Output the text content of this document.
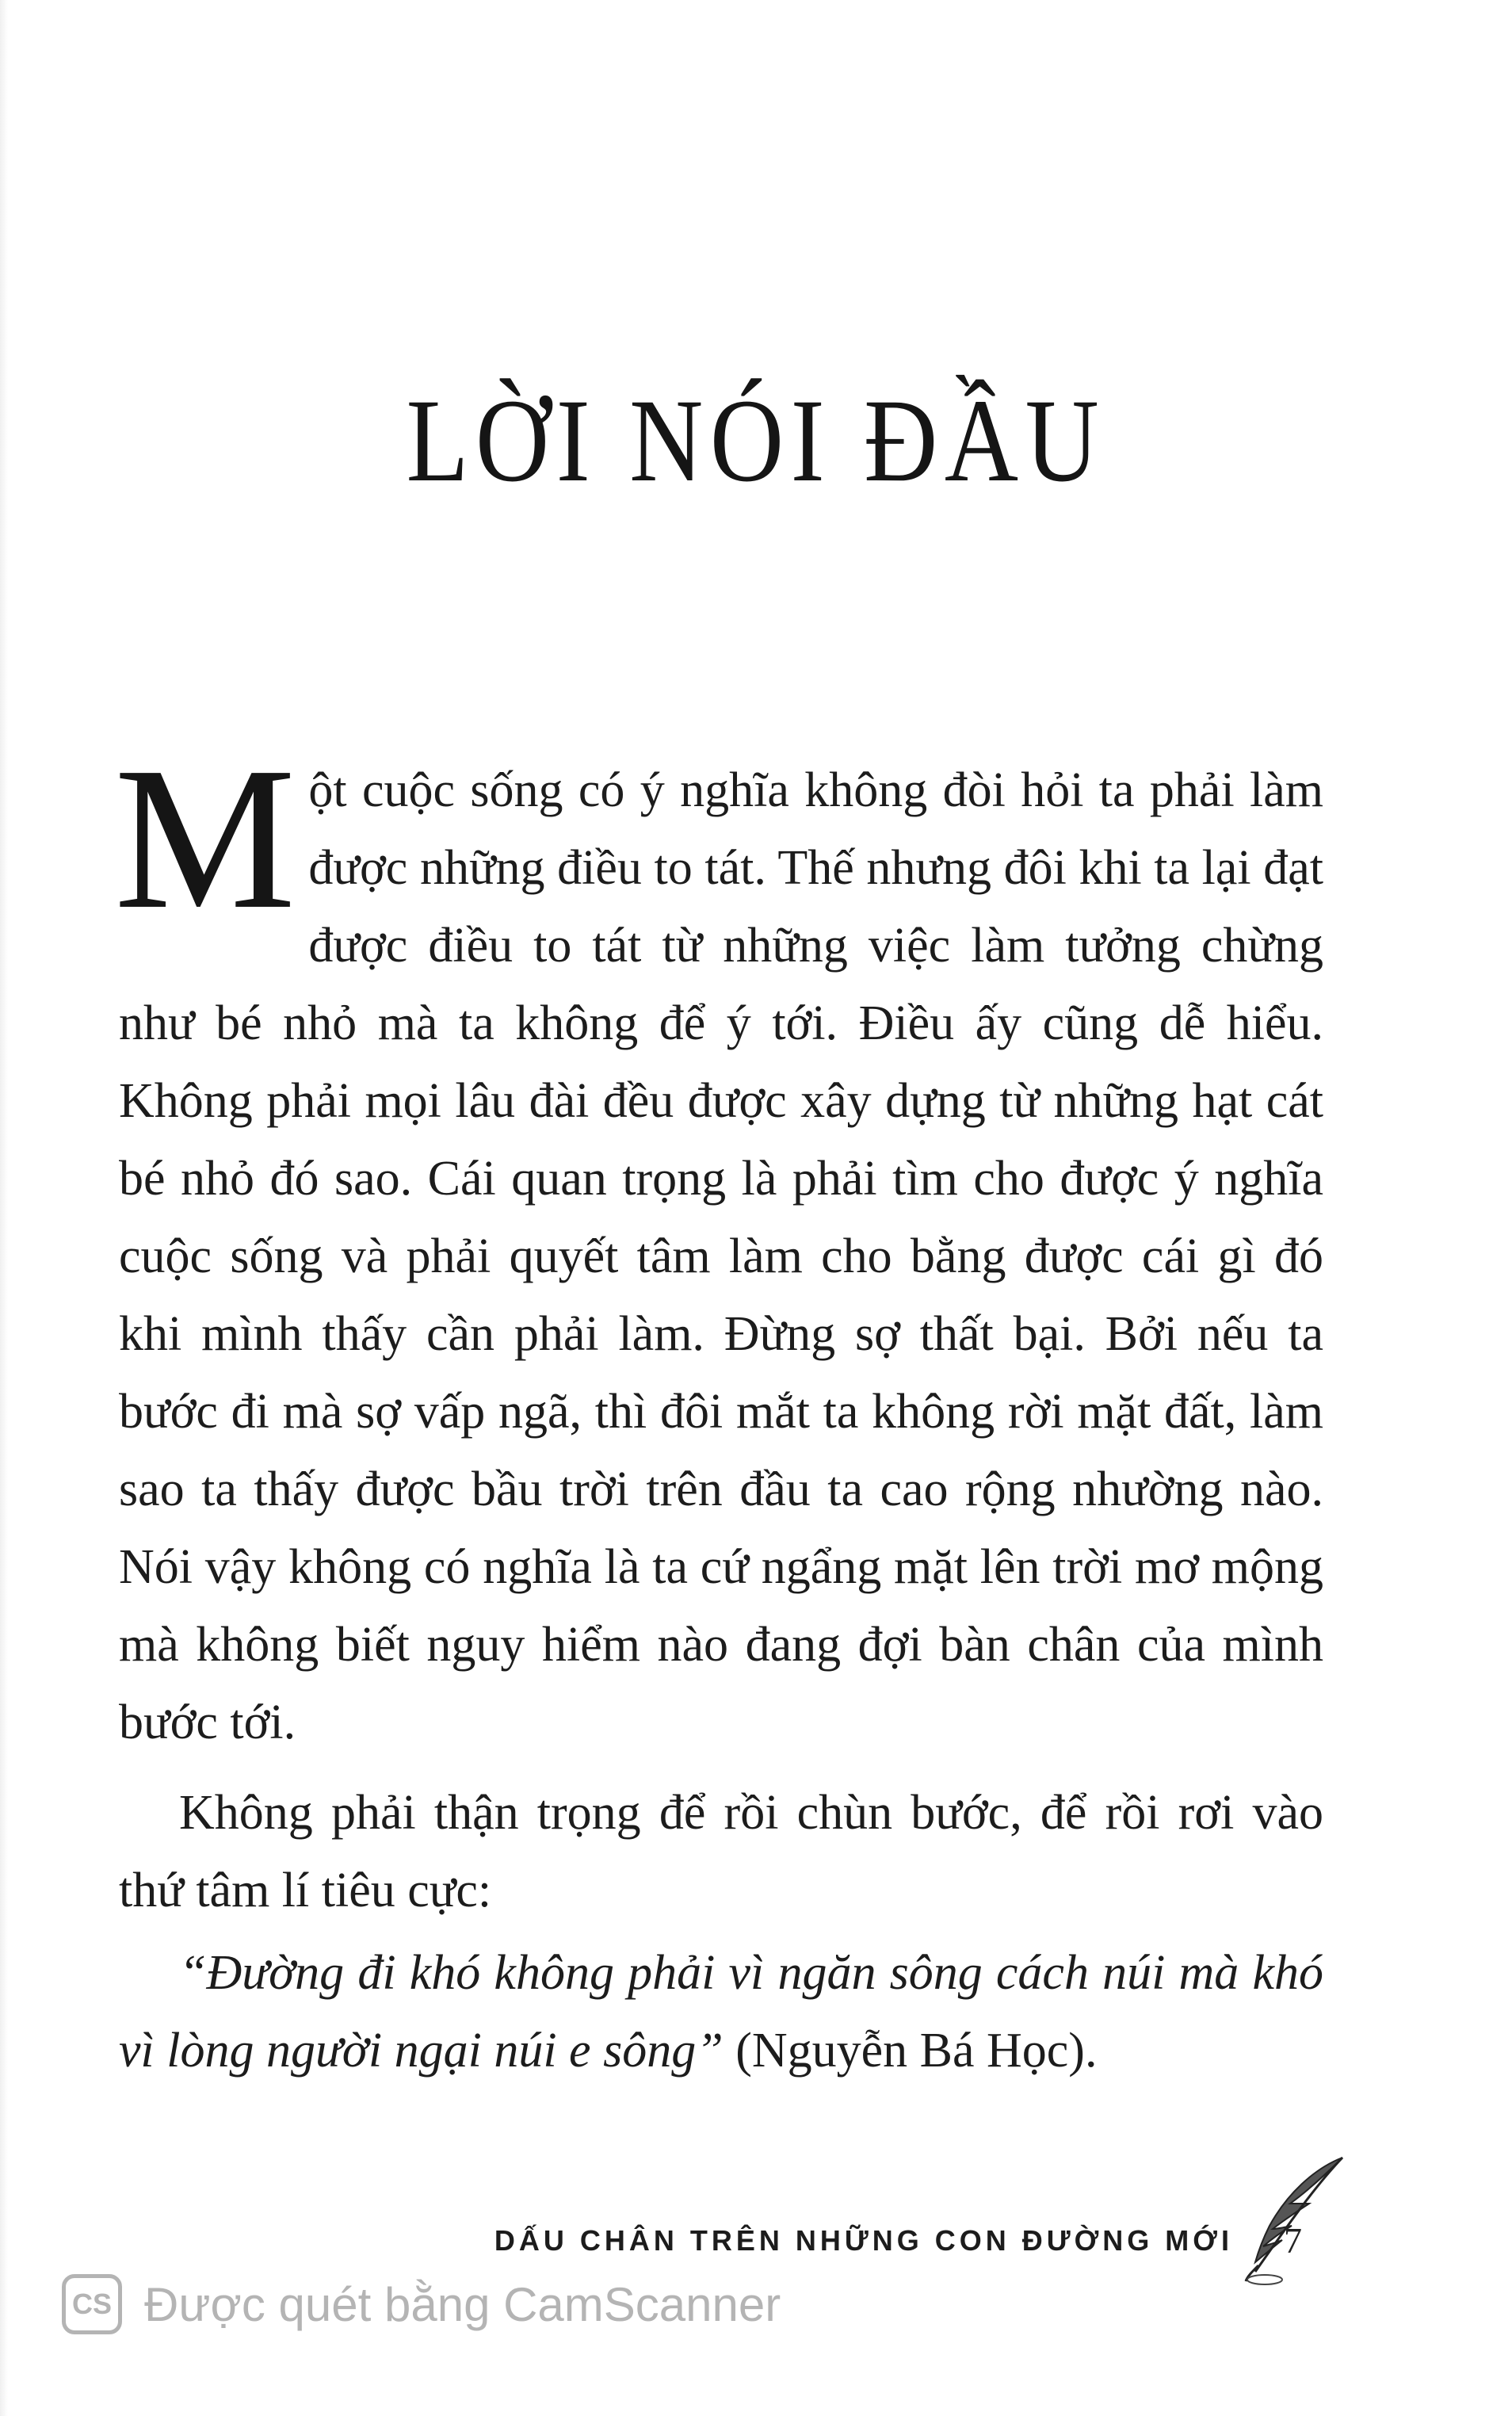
LỜI NÓI ĐẦU
Một cuộc sống có ý nghĩa không đòi hỏi ta phải làm được những điều to tát. Thế nhưng đôi khi ta lại đạt được điều to tát từ những việc làm tưởng chừng như bé nhỏ mà ta không để ý tới. Điều ấy cũng dễ hiểu. Không phải mọi lâu đài đều được xây dựng từ những hạt cát bé nhỏ đó sao. Cái quan trọng là phải tìm cho được ý nghĩa cuộc sống và phải quyết tâm làm cho bằng được cái gì đó khi mình thấy cần phải làm. Đừng sợ thất bại. Bởi nếu ta bước đi mà sợ vấp ngã, thì đôi mắt ta không rời mặt đất, làm sao ta thấy được bầu trời trên đầu ta cao rộng nhường nào. Nói vậy không có nghĩa là ta cứ ngẩng mặt lên trời mơ mộng mà không biết nguy hiểm nào đang đợi bàn chân của mình bước tới.
Không phải thận trọng để rồi chùn bước, để rồi rơi vào thứ tâm lí tiêu cực:
“Đường đi khó không phải vì ngăn sông cách núi mà khó vì lòng người ngại núi e sông” (Nguyễn Bá Học).
DẤU CHÂN TRÊN NHỮNG CON ĐƯỜNG MỚI 7
CS Được quét bằng CamScanner
